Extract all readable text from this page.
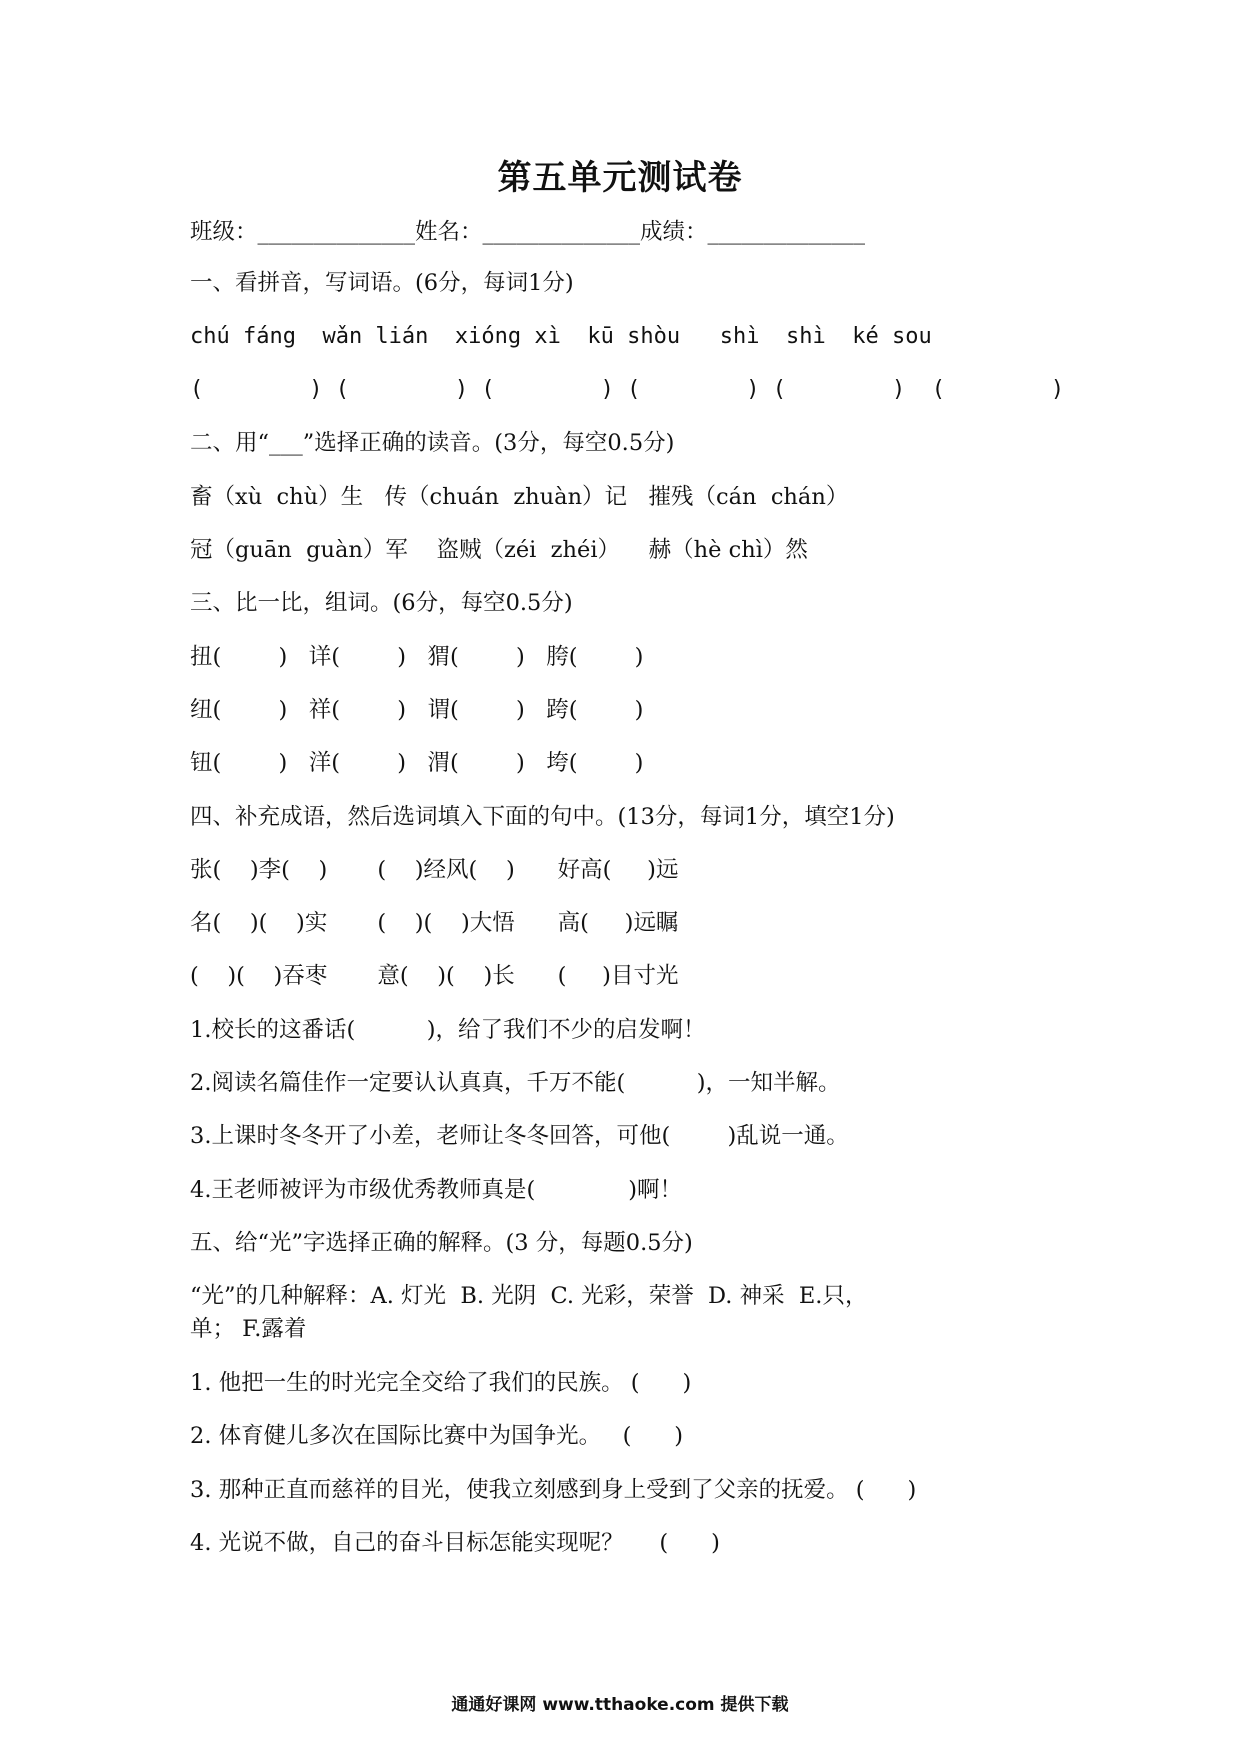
第五单元测试卷
班级：______________姓名：______________成绩：______________
一、看拼音，写词语。(6分，每词1分)
chú fáng  wǎn lián  xióng xì  kū shòu   shì  shì  ké sou
(        ) (        ) (        ) (        ) (        )  (        )
二、用“___”选择正确的读音。(3分，每空0.5分)
畜（xù  chù）生   传（chuán  zhuàn）记   摧残（cán  chán）
冠（guān  guàn）军    盗贼（zéi  zhéi）    赫（hè chì）然
三、比一比，组词。(6分，每空0.5分)
扭(        )   详(        )   猬(        )   胯(        )
纽(        )   祥(        )   谓(        )   跨(        )
钮(        )   洋(        )   渭(        )   垮(        )
四、补充成语，然后选词填入下面的句中。(13分，每词1分，填空1分)
张(    )李(    )       (    )经风(    )      好高(     )远
名(    )(    )实       (    )(    )大悟      高(     )远瞩
(    )(    )吞枣       意(    )(    )长      (     )目寸光
1.校长的这番话(          )，给了我们不少的启发啊！
2.阅读名篇佳作一定要认认真真，千万不能(          )，一知半解。
3.上课时冬冬开了小差，老师让冬冬回答，可他(        )乱说一通。
4.王老师被评为市级优秀教师真是(             )啊！
五、给“光”字选择正确的解释。(3 分，每题0.5分)
“光”的几种解释：A. 灯光  B. 光阴  C. 光彩，荣誉  D. 神采  E.只，
单； F.露着
1. 他把一生的时光完全交给了我们的民族。 (      )
2. 体育健儿多次在国际比赛中为国争光。   (      )
3. 那种正直而慈祥的目光，使我立刻感到身上受到了父亲的抚爱。 (      )
4. 光说不做，自己的奋斗目标怎能实现呢？     (      )
通通好课网 www.tthaoke.com 提供下载
